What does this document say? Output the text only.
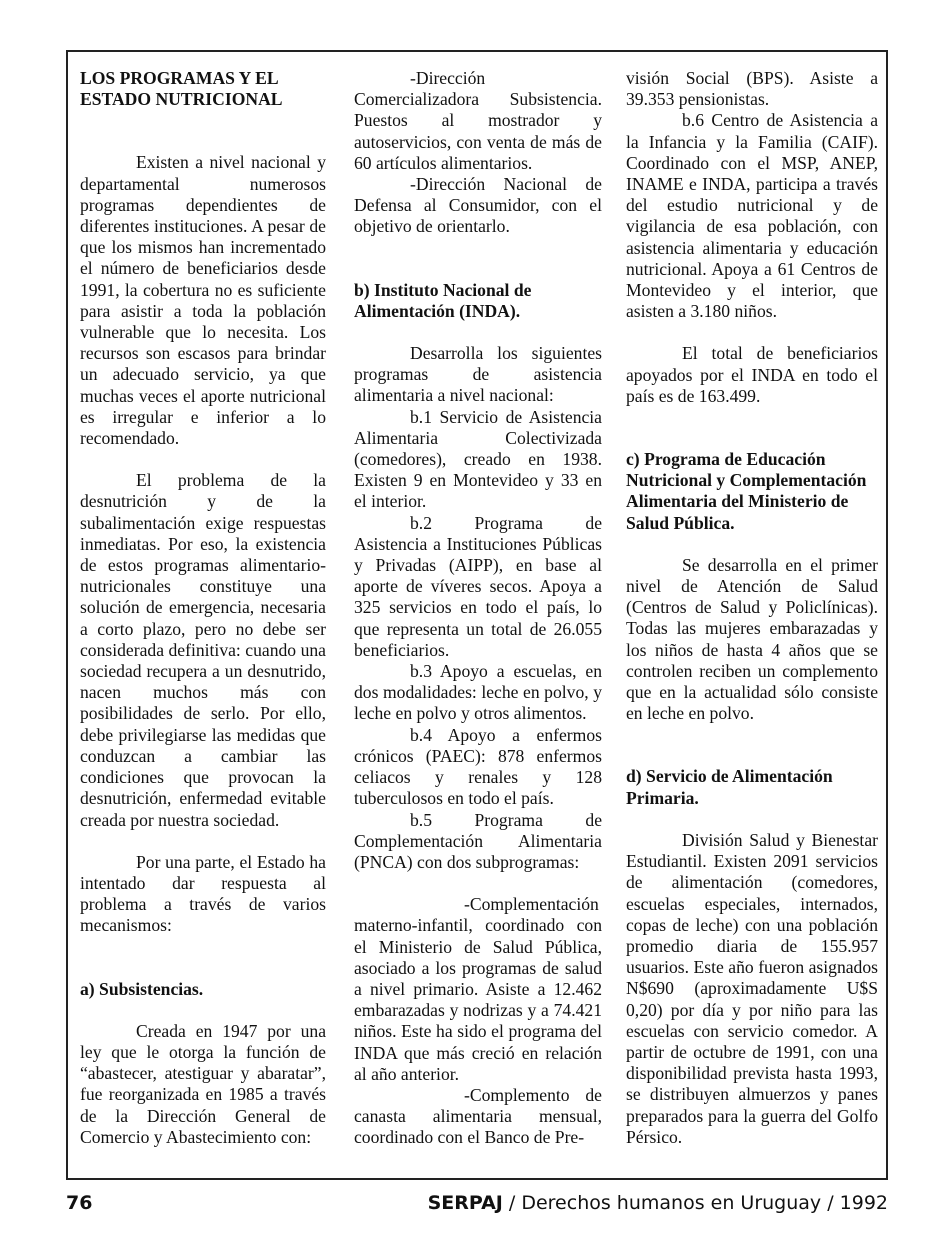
LOS PROGRAMAS Y EL ESTADO NUTRICIONAL

Existen a nivel nacional y departamental numerosos programas dependientes de diferentes instituciones. A pesar de que los mismos han incrementado el número de beneficiarios desde 1991, la cobertura no es suficiente para asistir a toda la población vulnerable que lo necesita. Los recursos son escasos para brindar un adecuado servicio, ya que muchas veces el aporte nutricional es irregular e inferior a lo recomendado.

El problema de la desnutrición y de la subalimentación exige respuestas inmediatas. Por eso, la existencia de estos programas alimentario-nutricionales constituye una solución de emergencia, necesaria a corto plazo, pero no debe ser considerada definitiva: cuando una sociedad recupera a un desnutrido, nacen muchos más con posibilidades de serlo. Por ello, debe privilegiarse las medidas que conduzcan a cambiar las condiciones que provocan la desnutrición, enfermedad evitable creada por nuestra sociedad.

Por una parte, el Estado ha intentado dar respuesta al problema a través de varios mecanismos:

a) Subsistencias.

Creada en 1947 por una ley que le otorga la función de “abastecer, atestiguar y abaratar”, fue reorganizada en 1985 a través de la Dirección General de Comercio y Abastecimiento con:

-Dirección Comercializadora Subsistencia. Puestos al mostrador y autoservicios, con venta de más de 60 artículos alimentarios.

-Dirección Nacional de Defensa al Consumidor, con el objetivo de orientarlo.

b) Instituto Nacional de Alimentación (INDA).

Desarrolla los siguientes programas de asistencia alimentaria a nivel nacional:

b.1 Servicio de Asistencia Alimentaria Colectivizada (comedores), creado en 1938. Existen 9 en Montevideo y 33 en el interior.

b.2 Programa de Asistencia a Instituciones Públicas y Privadas (AIPP), en base al aporte de víveres secos. Apoya a 325 servicios en todo el país, lo que representa un total de 26.055 beneficiarios.

b.3 Apoyo a escuelas, en dos modalidades: leche en polvo, y leche en polvo y otros alimentos.

b.4 Apoyo a enfermos crónicos (PAEC): 878 enfermos celiacos y renales y 128 tuberculosos en todo el país.

b.5 Programa de Complementación Alimentaria (PNCA) con dos subprogramas:

-Complementación materno-infantil, coordinado con el Ministerio de Salud Pública, asociado a los programas de salud a nivel primario. Asiste a 12.462 embarazadas y nodrizas y a 74.421 niños. Este ha sido el programa del INDA que más creció en relación al año anterior.

-Complemento de canasta alimentaria mensual, coordinado con el Banco de Pre-

visión Social (BPS). Asiste a 39.353 pensionistas.

b.6 Centro de Asistencia a la Infancia y la Familia (CAIF). Coordinado con el MSP, ANEP, INAME e INDA, participa a través del estudio nutricional y de vigilancia de esa población, con asistencia alimentaria y educación nutricional. Apoya a 61 Centros de Montevideo y el interior, que asisten a 3.180 niños.

El total de beneficiarios apoyados por el INDA en todo el país es de 163.499.

c) Programa de Educación Nutricional y Complementación Alimentaria del Ministerio de Salud Pública.

Se desarrolla en el primer nivel de Atención de Salud (Centros de Salud y Policlínicas). Todas las mujeres embarazadas y los niños de hasta 4 años que se controlen reciben un complemento que en la actualidad sólo consiste en leche en polvo.

d) Servicio de Alimentación Primaria.

División Salud y Bienestar Estudiantil. Existen 2091 servicios de alimentación (comedores, escuelas especiales, internados, copas de leche) con una población promedio diaria de 155.957 usuarios. Este año fueron asignados N$690 (aproximadamente U$S 0,20) por día y por niño para las escuelas con servicio comedor. A partir de octubre de 1991, con una disponibilidad prevista hasta 1993, se distribuyen almuerzos y panes preparados para la guerra del Golfo Pérsico.

76	SERPAJ / Derechos humanos en Uruguay / 1992
